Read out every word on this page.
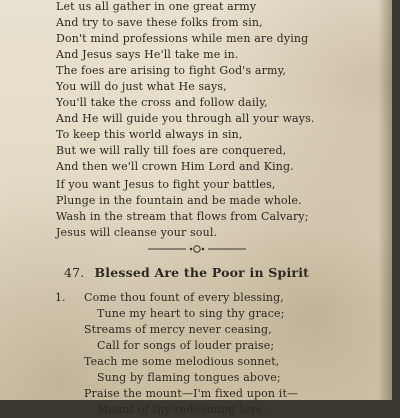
Let us all gather in one great army
And try to save these folks from sin,
Don't mind professions while men are dying
And Jesus says He'll take me in.
The foes are arising to fight God's army,
You will do just what He says,
You'll take the cross and follow daily,
And He will guide you through all your ways.
To keep this world always in sin,
But we will rally till foes are conquered,
And then we'll crown Him Lord and King.
If you want Jesus to fight your battles,
Plunge in the fountain and be made whole.
Wash in the stream that flows from Calvary;
Jesus will cleanse your soul.
47. Blessed Are the Poor in Spirit
1.	Come thou fount of every blessing,
Tune my heart to sing thy grace;
Streams of mercy never ceasing,
Call for songs of louder praise;
Teach me some melodious sonnet,
Sung by flaming tongues above;
Praise the mount—I'm fixed upon it—
Mount of thy redeeming love.
